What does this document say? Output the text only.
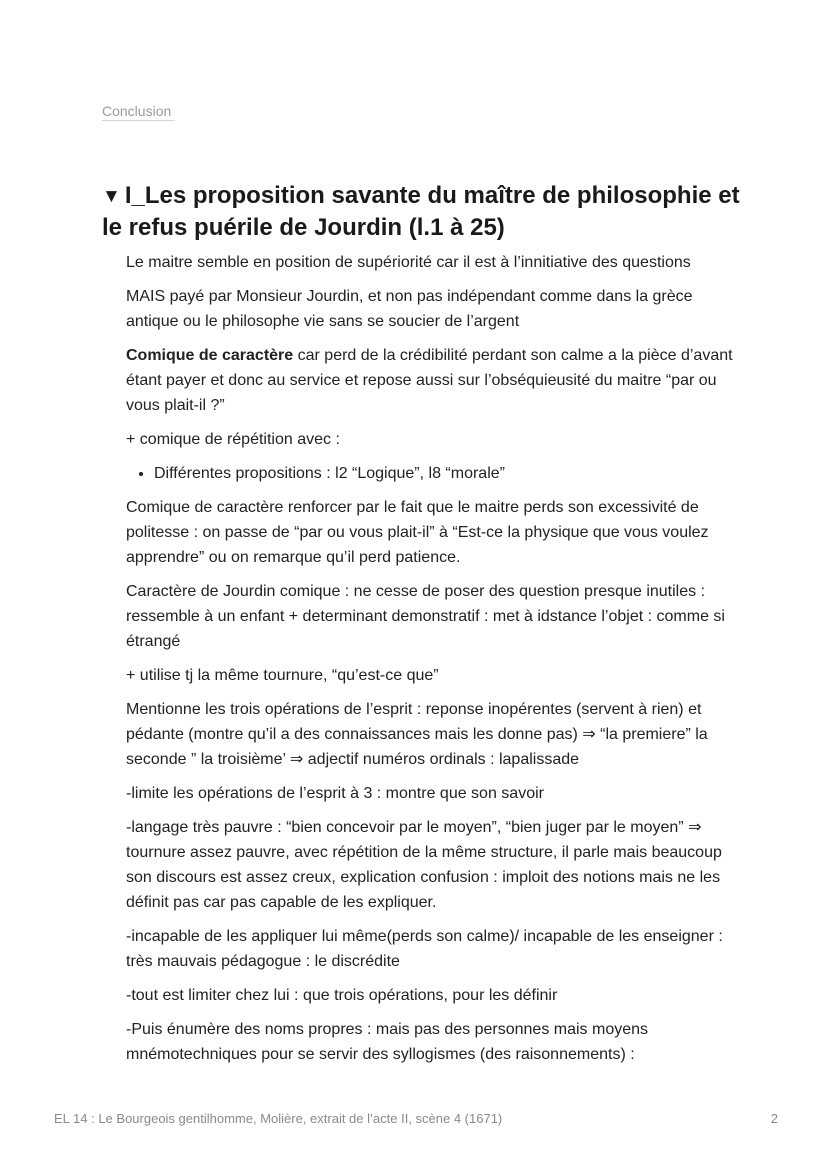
Conclusion
▼ I_Les proposition savante du maître de philosophie et le refus puérile de Jourdin (l.1 à 25)

Le maitre semble en position de supériorité car il est à l’innitiative des questions

MAIS payé par Monsieur Jourdin, et non pas indépendant comme dans la grèce antique ou le philosophe vie sans se soucier de l’argent

Comique de caractère car perd de la crédibilité perdant son calme a la pièce d’avant étant payer et donc au service et repose aussi sur l’obséquieusité du maitre “par ou vous plait-il ?”

+ comique de répétition avec :

• Différentes propositions : l2 “Logique”, l8 “morale”

Comique de caractère renforcer par le fait que le maitre perds son excessivité de politesse : on passe de “par ou vous plait-il” à “Est-ce la physique que vous voulez apprendre” ou on remarque qu’il perd patience.

Caractère de Jourdin comique : ne cesse de poser des question presque inutiles : ressemble à un enfant + determinant demonstratif : met à idstance l’objet : comme si étrangé

+ utilise tj la même tournure, “qu’est-ce que”

Mentionne les trois opérations de l’esprit : reponse inopérentes (servent à rien) et pédante (montre qu’il a des connaissances mais les donne pas) ⇒ “la premiere” la seconde ” la troisième’ ⇒ adjectif numéros ordinals : lapalissade

-limite les opérations de l’esprit à 3 : montre que son savoir

-langage très pauvre : “bien concevoir par le moyen”, “bien juger par le moyen” ⇒ tournure assez pauvre, avec répétition de la même structure, il parle mais beaucoup son discours est assez creux, explication confusion : imploit des notions mais ne les définit pas car pas capable de les expliquer.

-incapable de les appliquer lui même(perds son calme)/ incapable de les enseigner : très mauvais pédagogue : le discrédite

-tout est limiter chez lui : que trois opérations, pour les définir

-Puis énumère des noms propres : mais pas des personnes mais moyens mnémotechniques pour se servir des syllogismes (des raisonnements) :

EL 14 : Le Bourgeois gentilhomme, Molière, extrait de l’acte II, scène 4 (1671)	2
